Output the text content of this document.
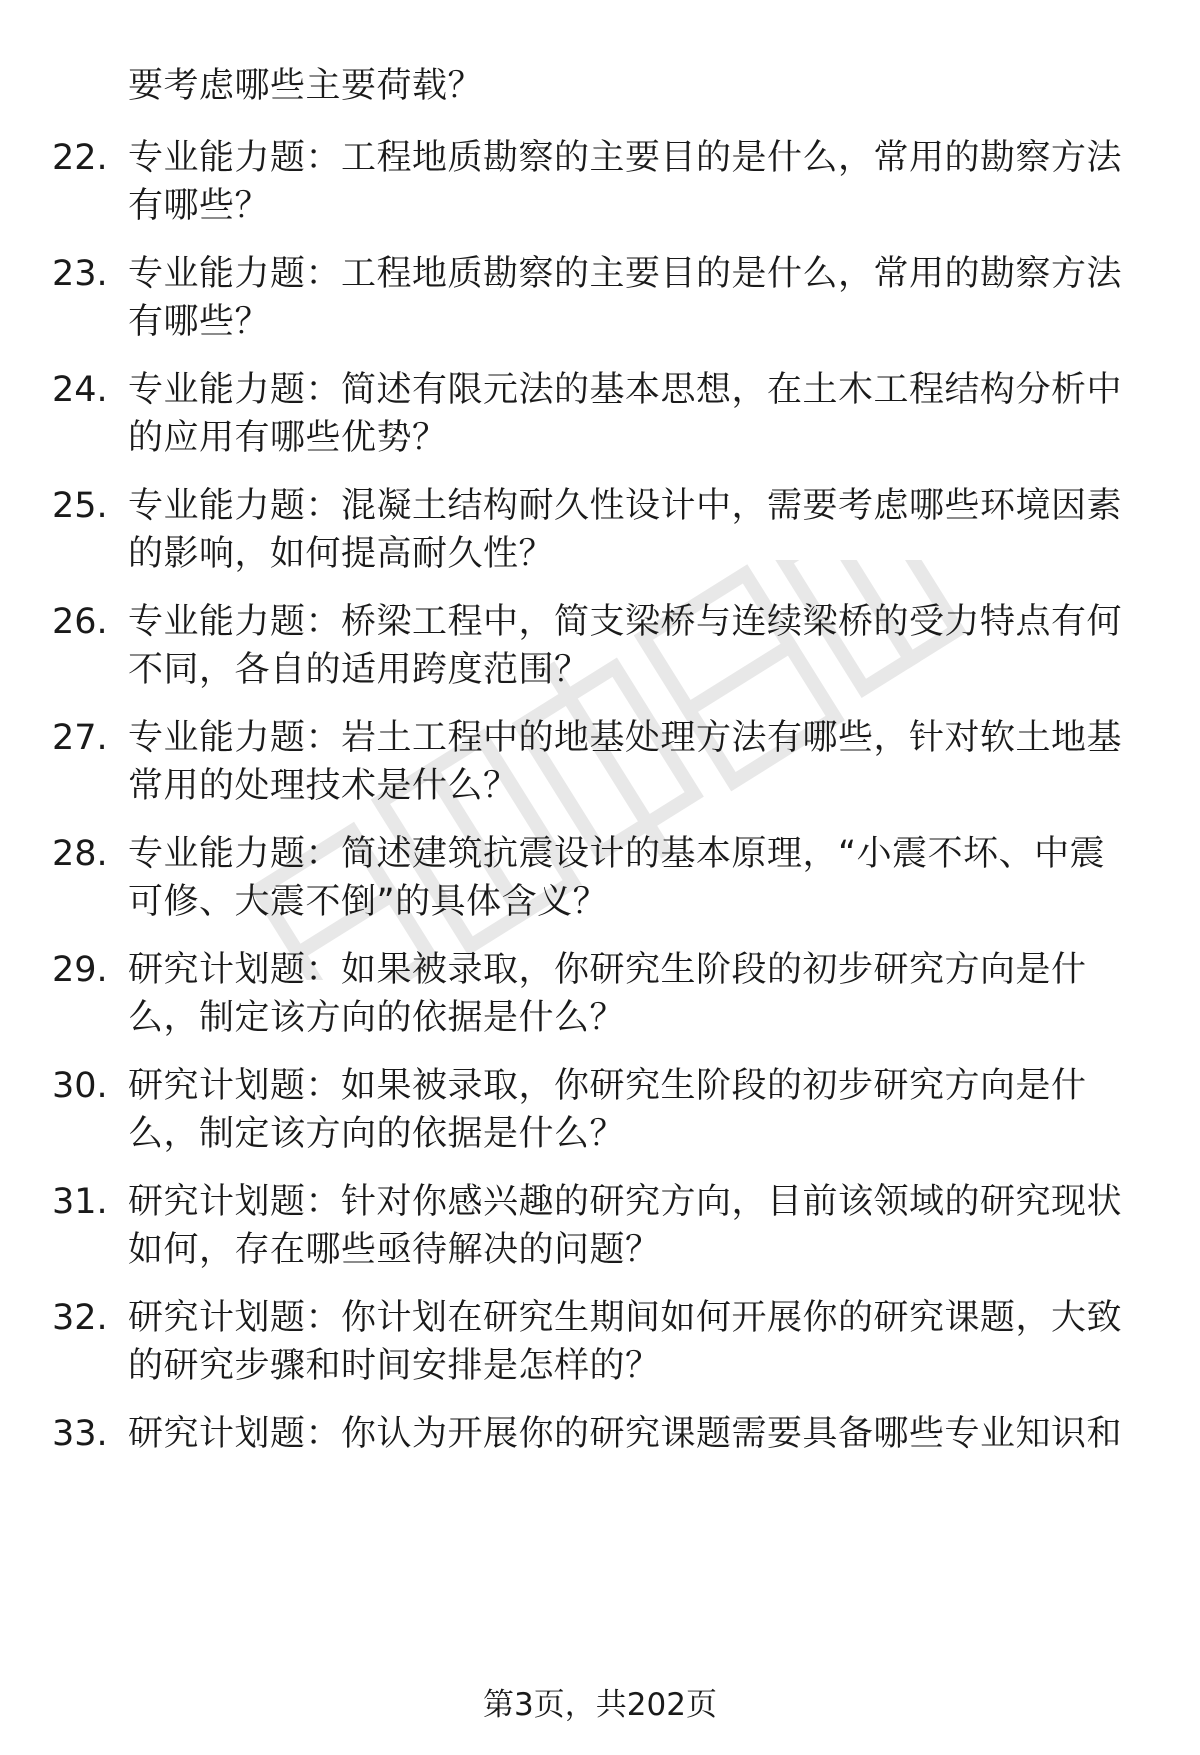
要考虑哪些主要荷载？
22. 专业能力题：工程地质勘察的主要目的是什么，常用的勘察方法
有哪些？
23. 专业能力题：工程地质勘察的主要目的是什么，常用的勘察方法
有哪些？
24. 专业能力题：简述有限元法的基本思想，在土木工程结构分析中
的应用有哪些优势？
25. 专业能力题：混凝土结构耐久性设计中，需要考虑哪些环境因素
的影响，如何提高耐久性？
26. 专业能力题：桥梁工程中，简支梁桥与连续梁桥的受力特点有何
不同，各自的适用跨度范围？
27. 专业能力题：岩土工程中的地基处理方法有哪些，针对软土地基
常用的处理技术是什么？
28. 专业能力题：简述建筑抗震设计的基本原理，“小震不坏、中震
可修、大震不倒”的具体含义？
29. 研究计划题：如果被录取，你研究生阶段的初步研究方向是什
么，制定该方向的依据是什么？
30. 研究计划题：如果被录取，你研究生阶段的初步研究方向是什
么，制定该方向的依据是什么？
31. 研究计划题：针对你感兴趣的研究方向，目前该领域的研究现状
如何，存在哪些亟待解决的问题？
32. 研究计划题：你计划在研究生期间如何开展你的研究课题，大致
的研究步骤和时间安排是怎样的？
33. 研究计划题：你认为开展你的研究课题需要具备哪些专业知识和
第3页，共202页
